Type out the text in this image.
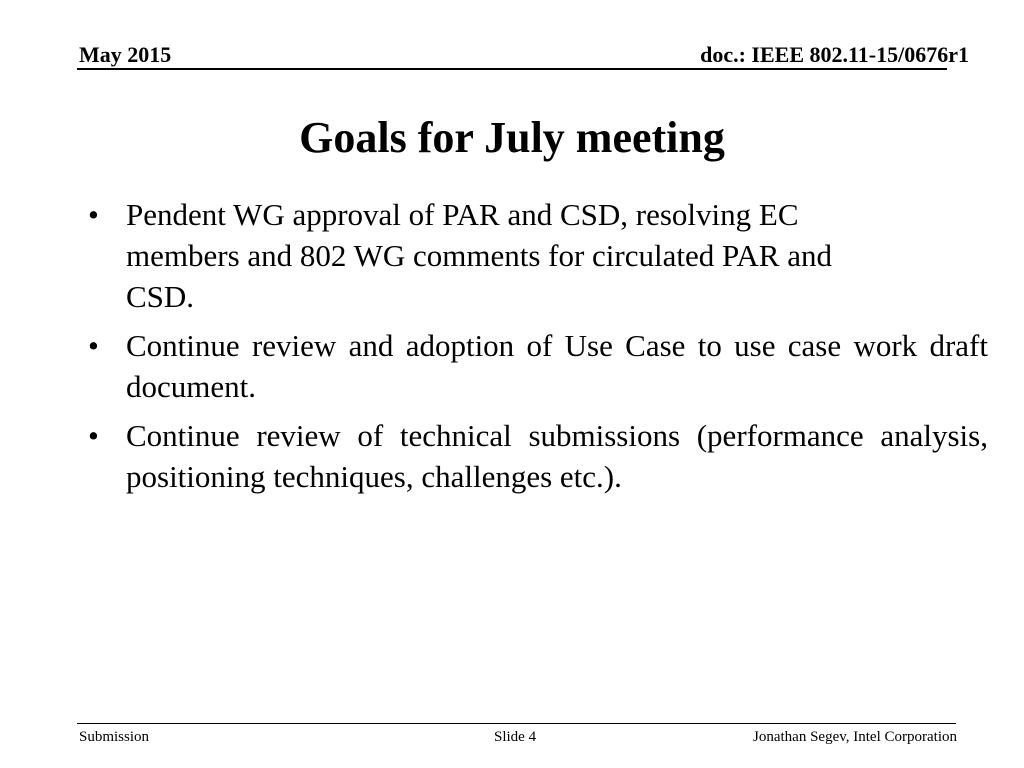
May 2015	doc.: IEEE 802.11-15/0676r1
Goals for July meeting
• Pendent WG approval of PAR and CSD, resolving EC members and 802 WG comments for circulated PAR and CSD.
• Continue review and adoption of Use Case to use case work draft document.
• Continue review of technical submissions (performance analysis, positioning techniques, challenges etc.).
Submission	Slide 4	Jonathan Segev, Intel Corporation
